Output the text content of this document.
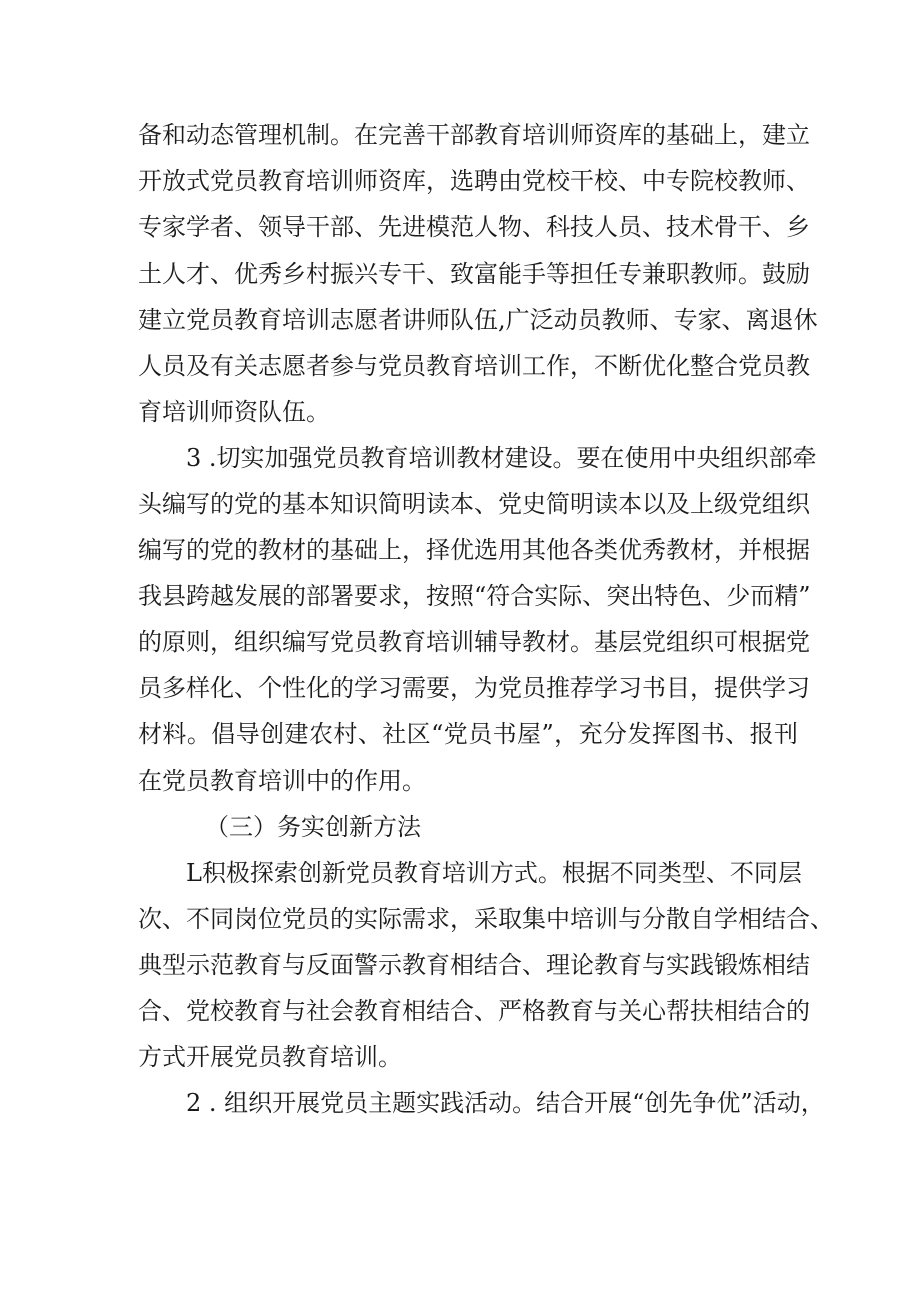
备和动态管理机制。在完善干部教育培训师资库的基础上，建立
开放式党员教育培训师资库，选聘由党校干校、中专院校教师、
专家学者、领导干部、先进模范人物、科技人员、技术骨干、乡
土人才、优秀乡村振兴专干、致富能手等担任专兼职教师。鼓励
建立党员教育培训志愿者讲师队伍,广泛动员教师、专家、离退休
人员及有关志愿者参与党员教育培训工作，不断优化整合党员教
育培训师资队伍。
3 .切实加强党员教育培训教材建设。要在使用中央组织部牵
头编写的党的基本知识简明读本、党史简明读本以及上级党组织
编写的党的教材的基础上，择优选用其他各类优秀教材，并根据
我县跨越发展的部署要求，按照“符合实际、突出特色、少而精”
的原则，组织编写党员教育培训辅导教材。基层党组织可根据党
员多样化、个性化的学习需要，为党员推荐学习书目，提供学习
材料。倡导创建农村、社区“党员书屋”，充分发挥图书、报刊
在党员教育培训中的作用。
（三）务实创新方法
L积极探索创新党员教育培训方式。根据不同类型、不同层
次、不同岗位党员的实际需求，采取集中培训与分散自学相结合、
典型示范教育与反面警示教育相结合、理论教育与实践锻炼相结
合、党校教育与社会教育相结合、严格教育与关心帮扶相结合的
方式开展党员教育培训。
2 . 组织开展党员主题实践活动。结合开展“创先争优”活动，
